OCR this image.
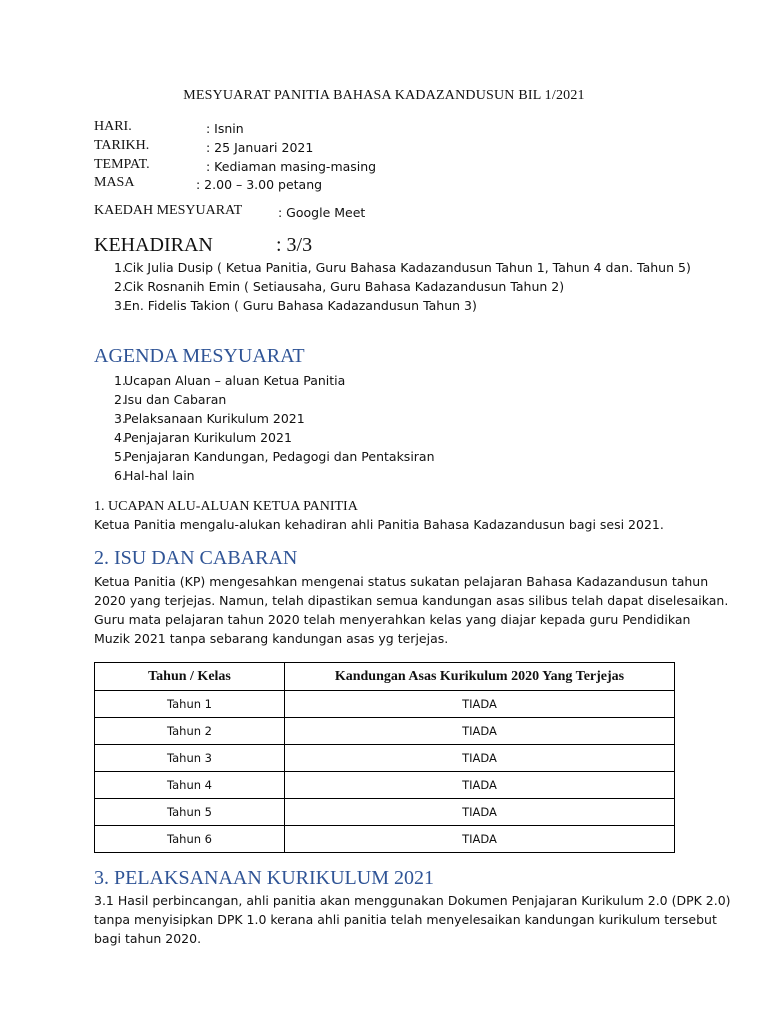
MESYUARAT PANITIA BAHASA KADAZANDUSUN BIL 1/2021
HARI.	: Isnin
TARIKH.	: 25 Januari 2021
TEMPAT.	: Kediaman masing-masing
MASA	: 2.00 – 3.00 petang
KAEDAH MESYUARAT	: Google Meet
KEHADIRAN	: 3/3
1.
Cik Julia Dusip ( Ketua Panitia, Guru Bahasa Kadazandusun Tahun 1, Tahun 4 dan. Tahun 5)
2.
Cik Rosnanih Emin ( Setiausaha, Guru Bahasa Kadazandusun Tahun 2)
3.
En. Fidelis Takion ( Guru Bahasa Kadazandusun Tahun 3)
AGENDA MESYUARAT
1.
Ucapan Aluan – aluan Ketua Panitia
2.
Isu dan Cabaran
3.
Pelaksanaan Kurikulum 2021
4.
Penjajaran Kurikulum 2021
5.
Penjajaran Kandungan, Pedagogi dan Pentaksiran
6.
Hal-hal lain
1. UCAPAN ALU-ALUAN KETUA PANITIA
Ketua Panitia mengalu-alukan kehadiran ahli Panitia Bahasa Kadazandusun bagi sesi 2021.
2. ISU DAN CABARAN
Ketua Panitia (KP) mengesahkan mengenai status sukatan pelajaran Bahasa Kadazandusun tahun
2020 yang terjejas. Namun, telah dipastikan semua kandungan asas silibus telah dapat diselesaikan.
Guru mata pelajaran tahun 2020 telah menyerahkan kelas yang diajar kepada guru Pendidikan
Muzik 2021 tanpa sebarang kandungan asas yg terjejas.
Tahun / Kelas	Kandungan Asas Kurikulum 2020 Yang Terjejas
Tahun 1	TIADA
Tahun 2	TIADA
Tahun 3	TIADA
Tahun 4	TIADA
Tahun 5	TIADA
Tahun 6	TIADA
3. PELAKSANAAN KURIKULUM 2021
3.1 Hasil perbincangan, ahli panitia akan menggunakan Dokumen Penjajaran Kurikulum 2.0 (DPK 2.0)
tanpa menyisipkan DPK 1.0 kerana ahli panitia telah menyelesaikan kandungan kurikulum tersebut
bagi tahun 2020.
